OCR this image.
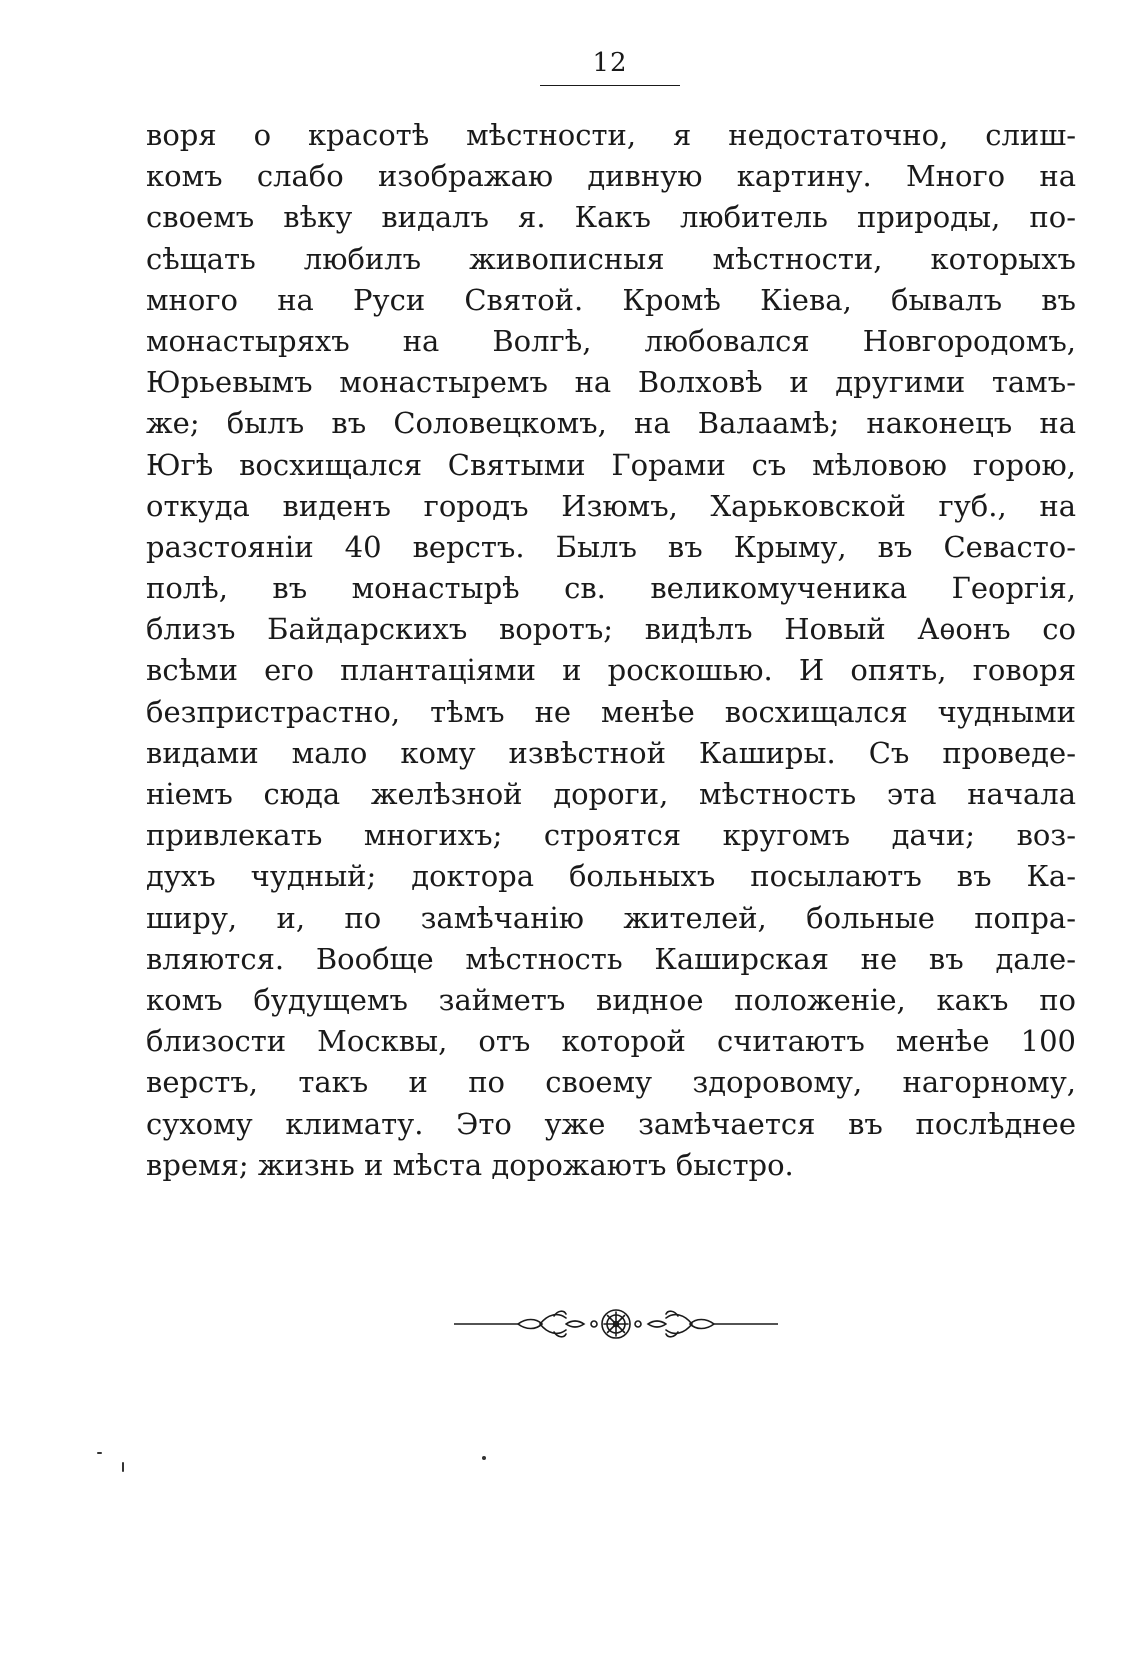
12
воря о красотѣ мѣстности, я недостаточно, слиш-
комъ слабо изображаю дивную картину. Много на
своемъ вѣку видалъ я. Какъ любитель природы, по-
сѣщать любилъ живописныя мѣстности, которыхъ
много на Руси Святой. Кромѣ Кіева, бывалъ въ
монастыряхъ на Волгѣ, любовался Новгородомъ,
Юрьевымъ монастыремъ на Волховѣ и другими тамъ-
же; былъ въ Соловецкомъ, на Валаамѣ; наконецъ на
Югѣ восхищался Святыми Горами съ мѣловою горою,
откуда виденъ городъ Изюмъ, Харьковской губ., на
разстояніи 40 верстъ. Былъ въ Крыму, въ Севасто-
полѣ, въ монастырѣ св. великомученика Георгія,
близъ Байдарскихъ воротъ; видѣлъ Новый Аѳонъ со
всѣми его плантаціями и роскошью. И опять, говоря
безпристрастно, тѣмъ не менѣе восхищался чудными
видами мало кому извѣстной Каширы. Съ проведе-
ніемъ сюда желѣзной дороги, мѣстность эта начала
привлекать многихъ; строятся кругомъ дачи; воз-
духъ чудный; доктора больныхъ посылаютъ въ Ка-
ширу, и, по замѣчанію жителей, больные попра-
вляются. Вообще мѣстность Каширская не въ дале-
комъ будущемъ займетъ видное положеніе, какъ по
близости Москвы, отъ которой считаютъ менѣе 100
верстъ, такъ и по своему здоровому, нагорному,
сухому климату. Это уже замѣчается въ послѣднее
время; жизнь и мѣста дорожаютъ быстро.
